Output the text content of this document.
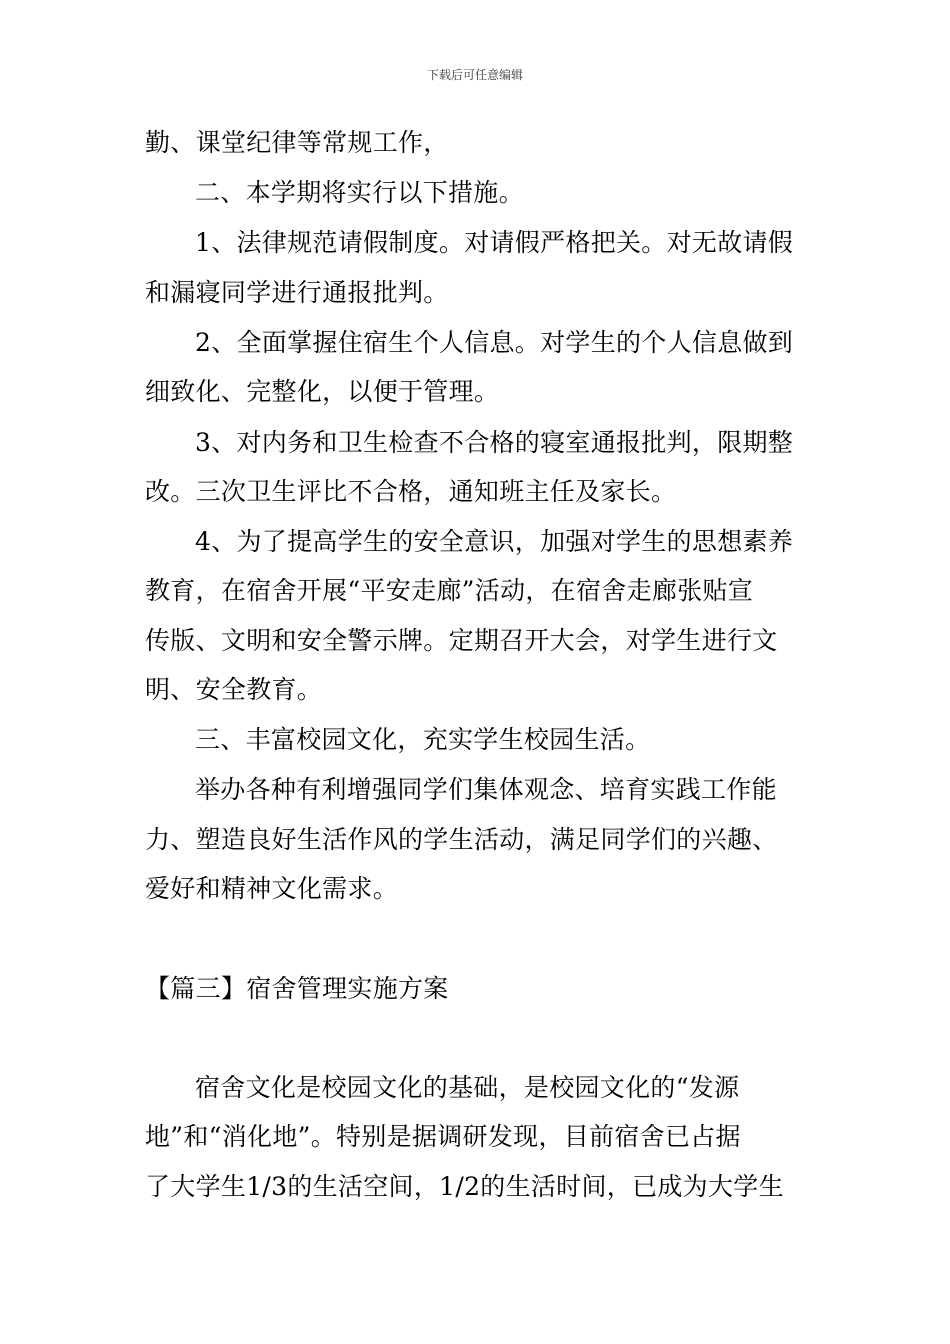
下载后可任意编辑
勤、课堂纪律等常规工作，
二、本学期将实行以下措施。
1、法律规范请假制度。对请假严格把关。对无故请假
和漏寝同学进行通报批判。
2、全面掌握住宿生个人信息。对学生的个人信息做到
细致化、完整化，以便于管理。
3、对内务和卫生检查不合格的寝室通报批判，限期整
改。三次卫生评比不合格，通知班主任及家长。
4、为了提高学生的安全意识，加强对学生的思想素养
教育，在宿舍开展“平安走廊”活动，在宿舍走廊张贴宣
传版、文明和安全警示牌。定期召开大会，对学生进行文
明、安全教育。
三、丰富校园文化，充实学生校园生活。
举办各种有利增强同学们集体观念、培育实践工作能
力、塑造良好生活作风的学生活动，满足同学们的兴趣、
爱好和精神文化需求。
【篇三】宿舍管理实施方案
宿舍文化是校园文化的基础，是校园文化的“发源
地”和“消化地”。特别是据调研发现，目前宿舍已占据
了大学生1/3的生活空间，1/2的生活时间，已成为大学生
